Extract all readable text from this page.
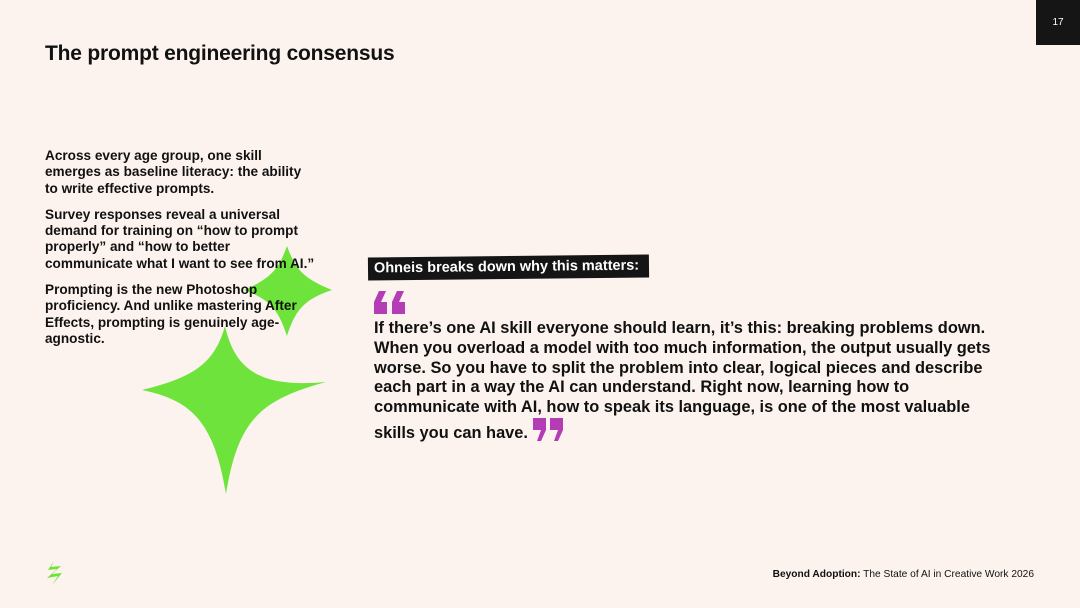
17
The prompt engineering consensus

Across every age group, one skill emerges as baseline literacy: the ability to write effective prompts.

Survey responses reveal a universal demand for training on “how to prompt properly” and “how to better communicate what I want to see from AI.”

Prompting is the new Photoshop proficiency. And unlike mastering After Effects, prompting is genuinely age-agnostic.

Ohneis breaks down why this matters:

If there’s one AI skill everyone should learn, it’s this: breaking problems down. When you overload a model with too much information, the output usually gets worse. So you have to split the problem into clear, logical pieces and describe each part in a way the AI can understand. Right now, learning how to communicate with AI, how to speak its language, is one of the most valuable skills you can have.

Beyond Adoption: The State of AI in Creative Work 2026
